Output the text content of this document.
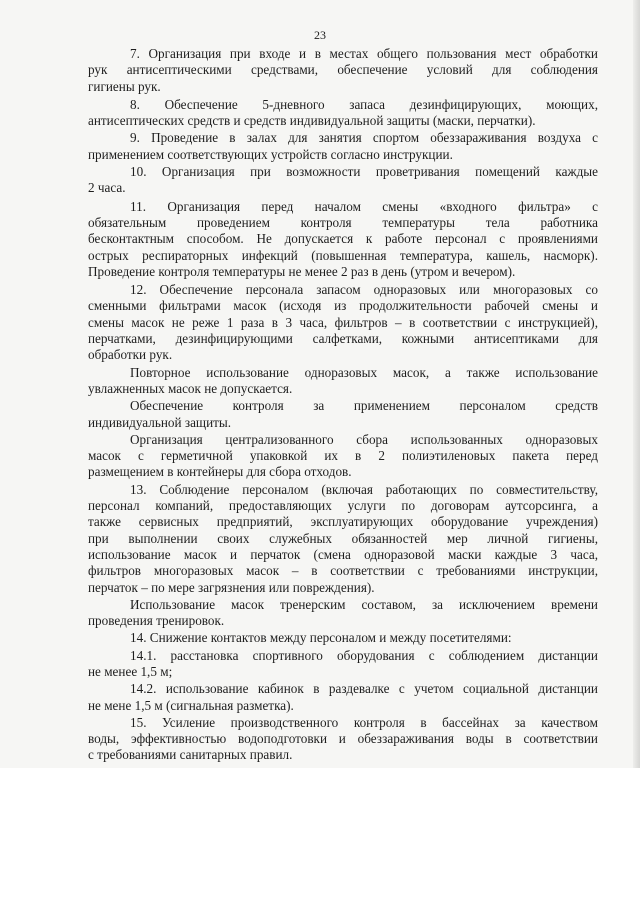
23
7. Организация при входе и в местах общего пользования мест обработки
рук антисептическими средствами, обеспечение условий для соблюдения
гигиены рук.
8. Обеспечение 5-дневного запаса дезинфицирующих, моющих,
антисептических средств и средств индивидуальной защиты (маски, перчатки).
9. Проведение в залах для занятия спортом обеззараживания воздуха с
применением соответствующих устройств согласно инструкции.
10. Организация при возможности проветривания помещений каждые
2 часа.
11. Организация перед началом смены «входного фильтра» с
обязательным проведением контроля температуры тела работника
бесконтактным способом. Не допускается к работе персонал с проявлениями
острых респираторных инфекций (повышенная температура, кашель, насморк).
Проведение контроля температуры не менее 2 раз в день (утром и вечером).
12. Обеспечение персонала запасом одноразовых или многоразовых со
сменными фильтрами масок (исходя из продолжительности рабочей смены и
смены масок не реже 1 раза в 3 часа, фильтров – в соответствии с инструкцией),
перчатками, дезинфицирующими салфетками, кожными антисептиками для
обработки рук.
Повторное использование одноразовых масок, а также использование
увлажненных масок не допускается.
Обеспечение контроля за применением персоналом средств
индивидуальной защиты.
Организация централизованного сбора использованных одноразовых
масок с герметичной упаковкой их в 2 полиэтиленовых пакета перед
размещением в контейнеры для сбора отходов.
13. Соблюдение персоналом (включая работающих по совместительству,
персонал компаний, предоставляющих услуги по договорам аутсорсинга, а
также сервисных предприятий, эксплуатирующих оборудование учреждения)
при выполнении своих служебных обязанностей мер личной гигиены,
использование масок и перчаток (смена одноразовой маски каждые 3 часа,
фильтров многоразовых масок – в соответствии с требованиями инструкции,
перчаток – по мере загрязнения или повреждения).
Использование масок тренерским составом, за исключением времени
проведения тренировок.
14. Снижение контактов между персоналом и между посетителями:
14.1. расстановка спортивного оборудования с соблюдением дистанции
не менее 1,5 м;
14.2. использование кабинок в раздевалке с учетом социальной дистанции
не мене 1,5 м (сигнальная разметка).
15. Усиление производственного контроля в бассейнах за качеством
воды, эффективностью водоподготовки и обеззараживания воды в соответствии
с требованиями санитарных правил.
